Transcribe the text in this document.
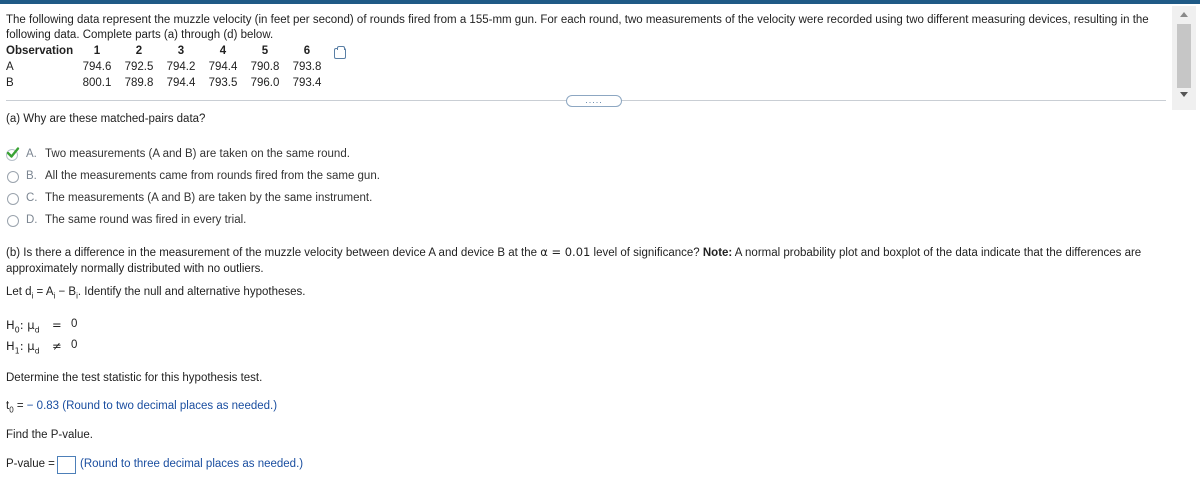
The following data represent the muzzle velocity (in feet per second) of rounds fired from a 155-mm gun. For each round, two measurements of the velocity were recorded using two different measuring devices, resulting in the
following data. Complete parts (a) through (d) below.
Observation	1	2	3	4	5	6
A	794.6	792.5	794.2	794.4	790.8	793.8
B	800.1	789.8	794.4	793.5	796.0	793.4
.....
(a) Why are these matched-pairs data?
A. Two measurements (A and B) are taken on the same round.
B. All the measurements came from rounds fired from the same gun.
C. The measurements (A and B) are taken by the same instrument.
D. The same round was fired in every trial.
(b) Is there a difference in the measurement of the muzzle velocity between device A and device B at the α = 0.01 level of significance? Note: A normal probability plot and boxplot of the data indicate that the differences are
approximately normally distributed with no outliers.
Let $d_i = A_i - B_i$. Identify the null and alternative hypotheses.
$H_0$: $\mu_d = 0$
$H_1$: $\mu_d \ne 0$
Determine the test statistic for this hypothesis test.
$t_0$ = − 0.83 (Round to two decimal places as needed.)
Find the P-value.
P-value = (Round to three decimal places as needed.)
